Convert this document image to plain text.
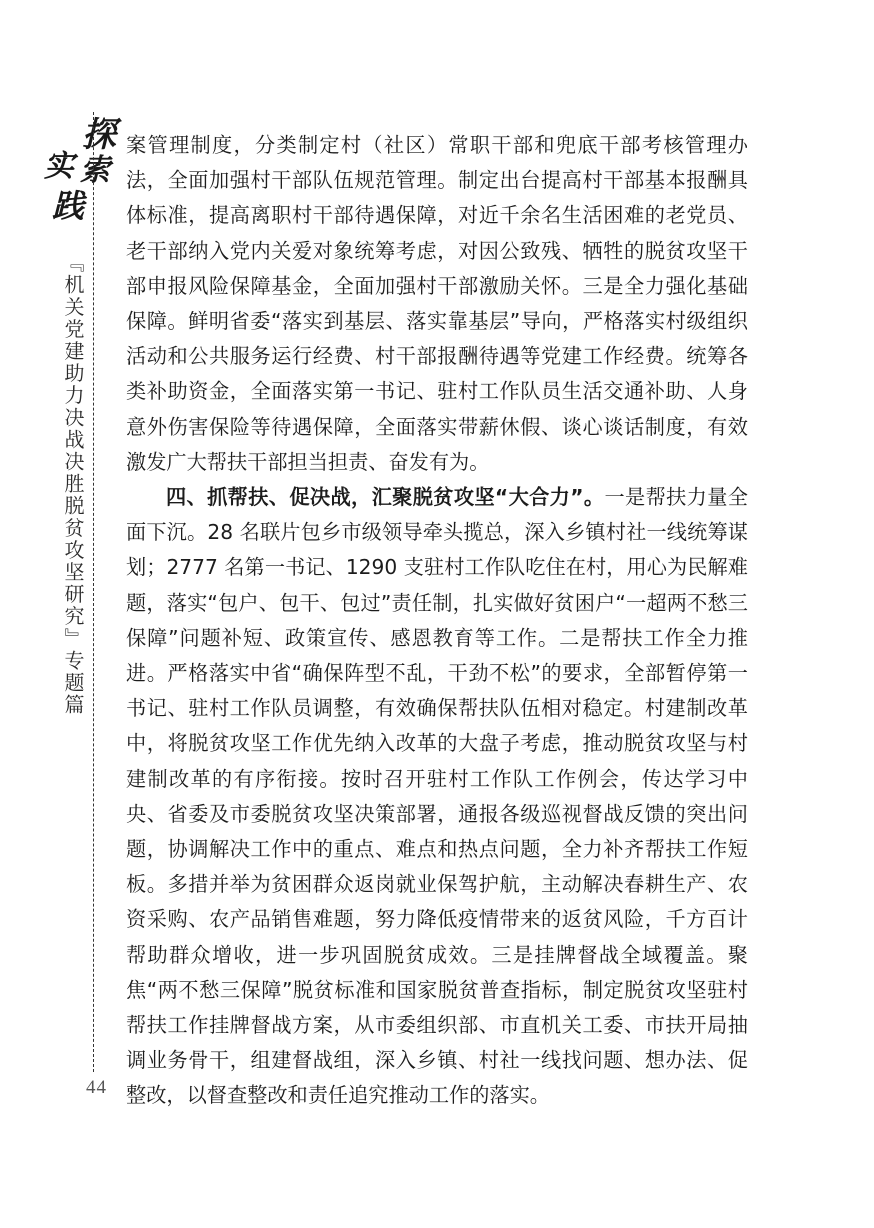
探
索
实
践
『机关党建助力决战决胜脱贫攻坚研究』专题篇
44

案管理制度，分类制定村（社区）常职干部和兜底干部考核管理办法，全面加强村干部队伍规范管理。制定出台提高村干部基本报酬具体标准，提高离职村干部待遇保障，对近千余名生活困难的老党员、老干部纳入党内关爱对象统筹考虑，对因公致残、牺牲的脱贫攻坚干部申报风险保障基金，全面加强村干部激励关怀。三是全力强化基础保障。鲜明省委“落实到基层、落实靠基层”导向，严格落实村级组织活动和公共服务运行经费、村干部报酬待遇等党建工作经费。统筹各类补助资金，全面落实第一书记、驻村工作队员生活交通补助、人身意外伤害保险等待遇保障，全面落实带薪休假、谈心谈话制度，有效激发广大帮扶干部担当担责、奋发有为。

四、抓帮扶、促决战，汇聚脱贫攻坚“大合力”。一是帮扶力量全面下沉。28 名联片包乡市级领导牵头揽总，深入乡镇村社一线统筹谋划；2777 名第一书记、1290 支驻村工作队吃住在村，用心为民解难题，落实“包户、包干、包过”责任制，扎实做好贫困户“一超两不愁三保障”问题补短、政策宣传、感恩教育等工作。二是帮扶工作全力推进。严格落实中省“确保阵型不乱，干劲不松”的要求，全部暂停第一书记、驻村工作队员调整，有效确保帮扶队伍相对稳定。村建制改革中，将脱贫攻坚工作优先纳入改革的大盘子考虑，推动脱贫攻坚与村建制改革的有序衔接。按时召开驻村工作队工作例会，传达学习中央、省委及市委脱贫攻坚决策部署，通报各级巡视督战反馈的突出问题，协调解决工作中的重点、难点和热点问题，全力补齐帮扶工作短板。多措并举为贫困群众返岗就业保驾护航，主动解决春耕生产、农资采购、农产品销售难题，努力降低疫情带来的返贫风险，千方百计帮助群众增收，进一步巩固脱贫成效。三是挂牌督战全域覆盖。聚焦“两不愁三保障”脱贫标准和国家脱贫普查指标，制定脱贫攻坚驻村帮扶工作挂牌督战方案，从市委组织部、市直机关工委、市扶开局抽调业务骨干，组建督战组，深入乡镇、村社一线找问题、想办法、促整改，以督查整改和责任追究推动工作的落实。
